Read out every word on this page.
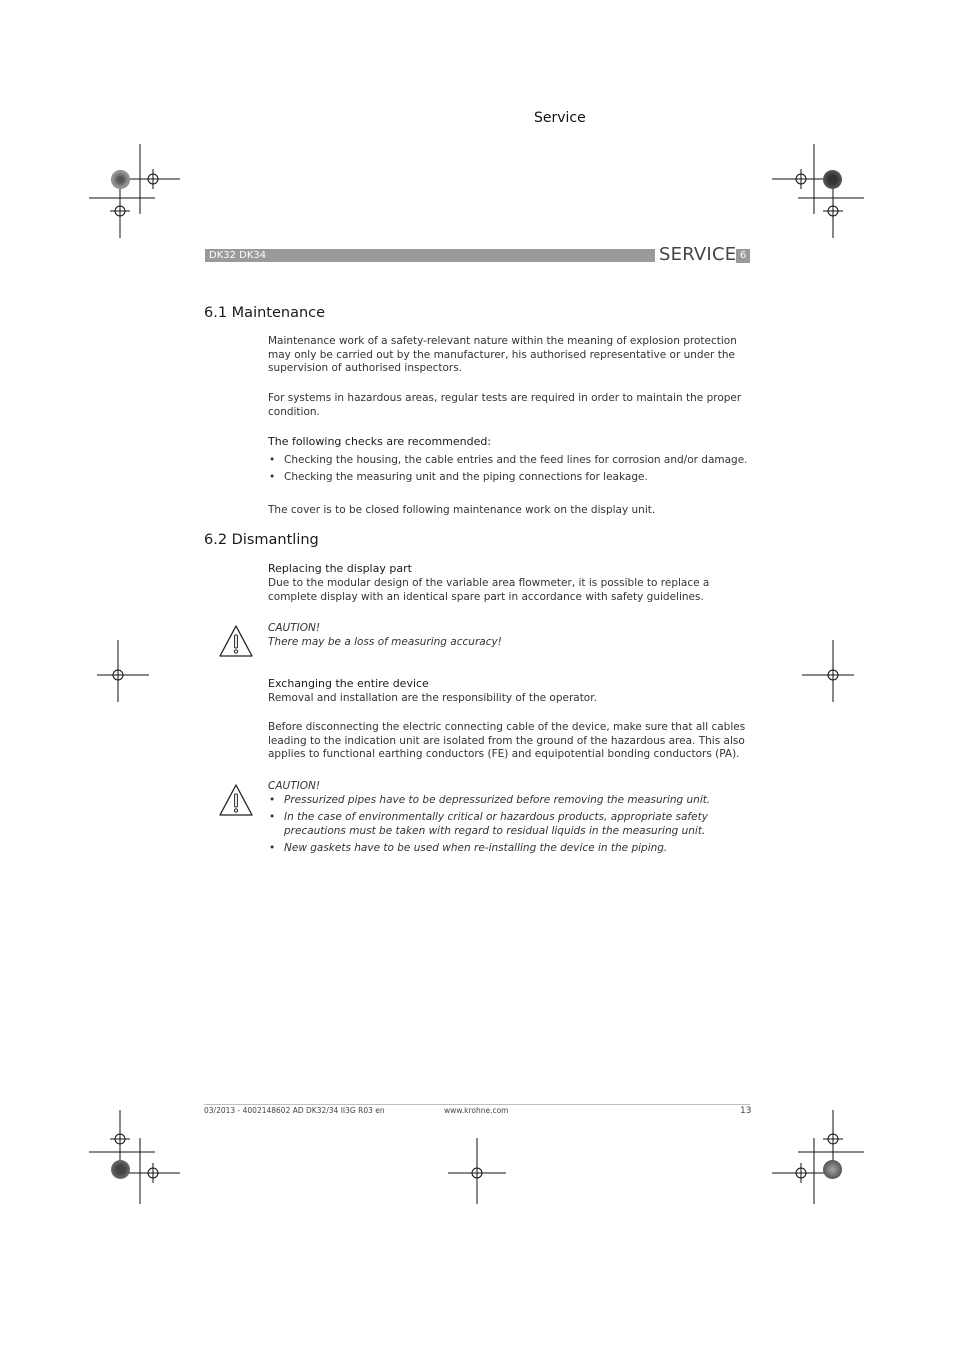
Service
DK32 DK34	SERVICE 6
6.1 Maintenance
Maintenance work of a safety-relevant nature within the meaning of explosion protection may only be carried out by the manufacturer, his authorised representative or under the supervision of authorised inspectors.
For systems in hazardous areas, regular tests are required in order to maintain the proper condition.
The following checks are recommended:
• Checking the housing, the cable entries and the feed lines for corrosion and/or damage.
• Checking the measuring unit and the piping connections for leakage.
The cover is to be closed following maintenance work on the display unit.
6.2 Dismantling
Replacing the display part
Due to the modular design of the variable area flowmeter, it is possible to replace a complete display with an identical spare part in accordance with safety guidelines.
CAUTION!
There may be a loss of measuring accuracy!
Exchanging the entire device
Removal and installation are the responsibility of the operator.
Before disconnecting the electric connecting cable of the device, make sure that all cables leading to the indication unit are isolated from the ground of the hazardous area. This also applies to functional earthing conductors (FE) and equipotential bonding conductors (PA).
CAUTION!
• Pressurized pipes have to be depressurized before removing the measuring unit.
• In the case of environmentally critical or hazardous products, appropriate safety precautions must be taken with regard to residual liquids in the measuring unit.
• New gaskets have to be used when re-installing the device in the piping.
03/2013 - 4002148602 AD DK32/34 II3G R03 en	www.krohne.com	13
